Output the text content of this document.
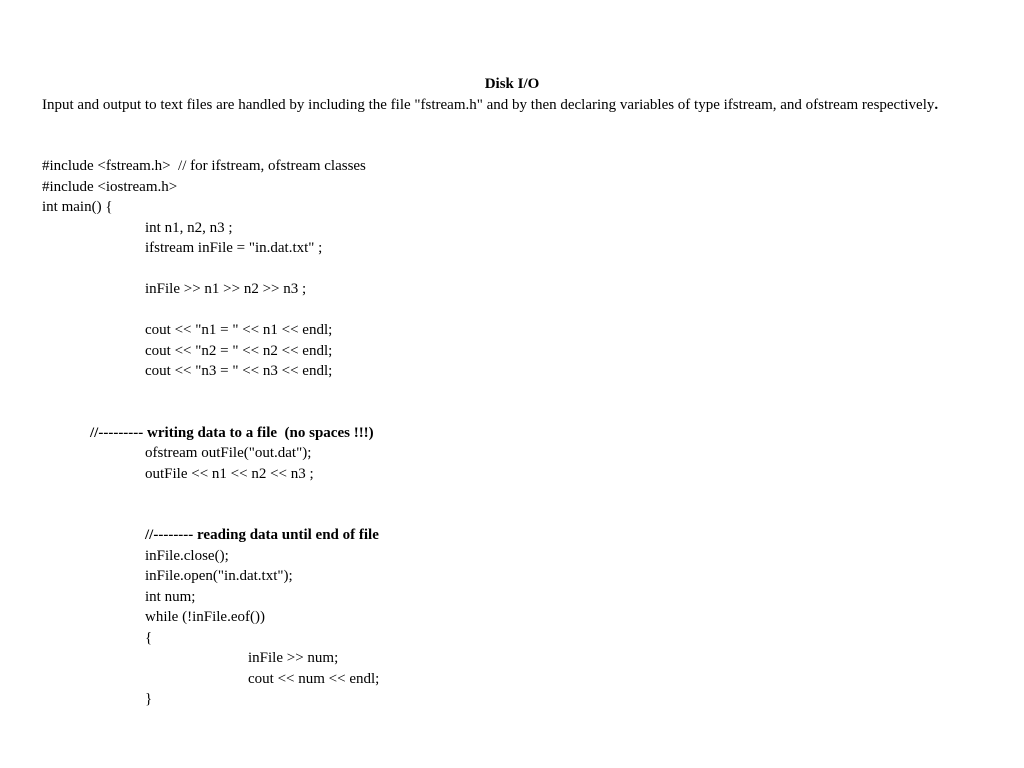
Disk I/O
Input and output to text files are handled by including the file "fstream.h" and by then declaring variables of type ifstream, and ofstream respectively.
#include <fstream.h>  // for ifstream, ofstream classes
#include <iostream.h>
int main() {
int n1, n2, n3 ;
ifstream inFile = "in.dat.txt" ;
inFile >> n1 >> n2 >> n3 ;
cout << "n1 = " << n1 << endl;
cout << "n2 = " << n2 << endl;
cout << "n3 = " << n3 << endl;
//--------- writing data to a file  (no spaces !!!)
ofstream outFile("out.dat");
outFile << n1 << n2 << n3 ;
//-------- reading data until end of file
inFile.close();
inFile.open("in.dat.txt");
int num;
while (!inFile.eof())
{
inFile >> num;
cout << num << endl;
}
